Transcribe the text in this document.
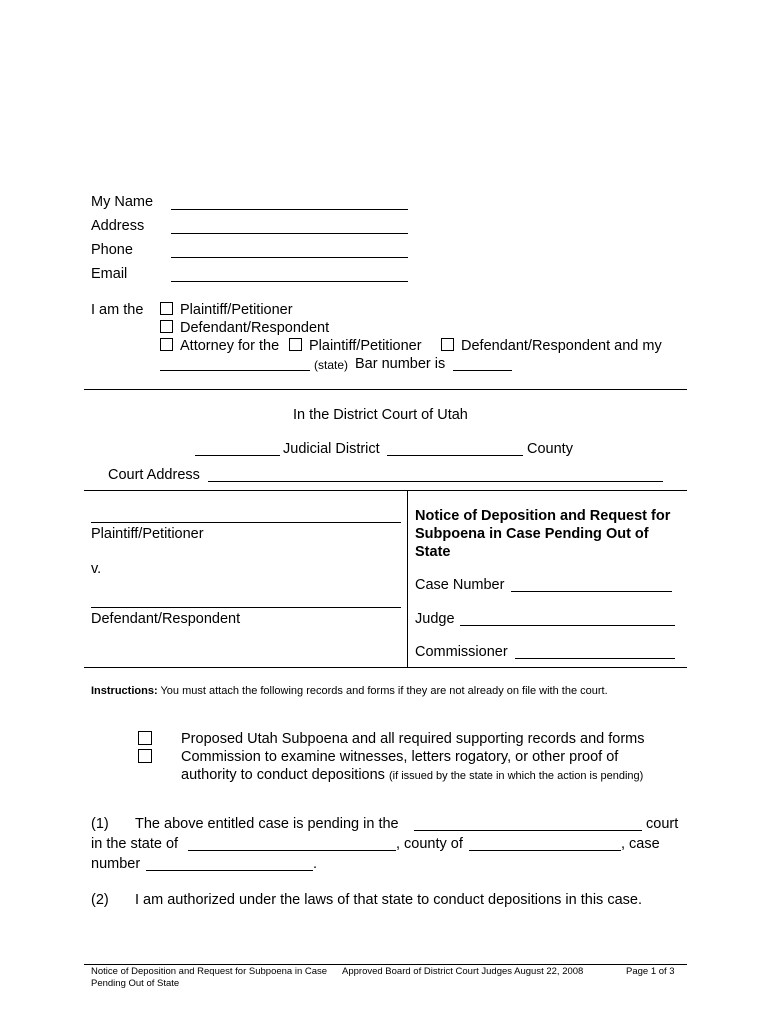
My Name
Address
Phone
Email
I am the	Plaintiff/Petitioner
Defendant/Respondent
Attorney for the Plaintiff/Petitioner	Defendant/Respondent and my
(state) Bar number is
In the District Court of Utah
Judicial District	County
Court Address
Plaintiff/Petitioner
v.
Defendant/Respondent
Notice of Deposition and Request for Subpoena in Case Pending Out of State
Case Number
Judge
Commissioner
Instructions: You must attach the following records and forms if they are not already on file with the court.
Proposed Utah Subpoena and all required supporting records and forms
Commission to examine witnesses, letters rogatory, or other proof of authority to conduct depositions (if issued by the state in which the action is pending)
(1) The above entitled case is pending in the	court
in the state of	, county of	, case
number	.
(2) I am authorized under the laws of that state to conduct depositions in this case.
Notice of Deposition and Request for Subpoena in Case Pending Out of State
Approved Board of District Court Judges August 22, 2008	Page 1 of 3
